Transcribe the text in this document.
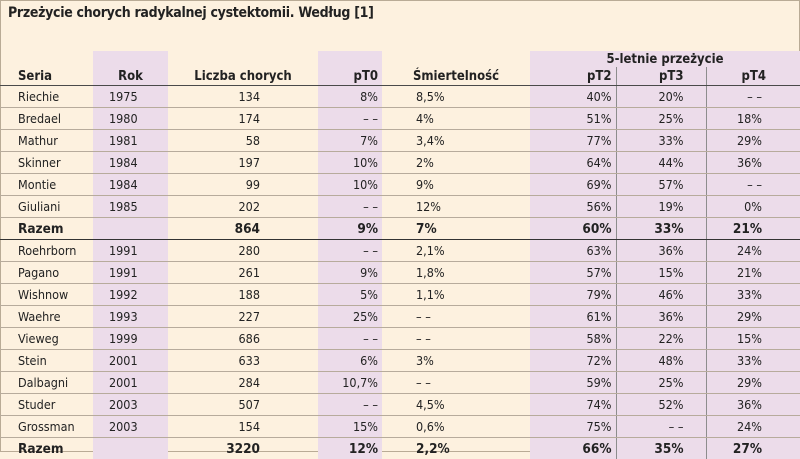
Przeżycie chorych radykalnej cystektomii. Według [1]
					5-letnie przeżycie		
Seria	Rok	Liczba chorych	pT0	Śmiertelność	pT2	pT3	pT4
Riechie	1975	134	8%	8,5%	40%	20%	– –
Bredael	1980	174	– –	4%	51%	25%	18%
Mathur	1981	58	7%	3,4%	77%	33%	29%
Skinner	1984	197	10%	2%	64%	44%	36%
Montie	1984	99	10%	9%	69%	57%	– –
Giuliani	1985	202	– –	12%	56%	19%	0%
Razem		864	9%	7%	60%	33%	21%
Roehrborn	1991	280	– –	2,1%	63%	36%	24%
Pagano	1991	261	9%	1,8%	57%	15%	21%
Wishnow	1992	188	5%	1,1%	79%	46%	33%
Waehre	1993	227	25%	– –	61%	36%	29%
Vieweg	1999	686	– –	– –	58%	22%	15%
Stein	2001	633	6%	3%	72%	48%	33%
Dalbagni	2001	284	10,7%	– –	59%	25%	29%
Studer	2003	507	– –	4,5%	74%	52%	36%
Grossman	2003	154	15%	0,6%	75%	– –	24%
Razem		3220	12%	2,2%	66%	35%	27%
